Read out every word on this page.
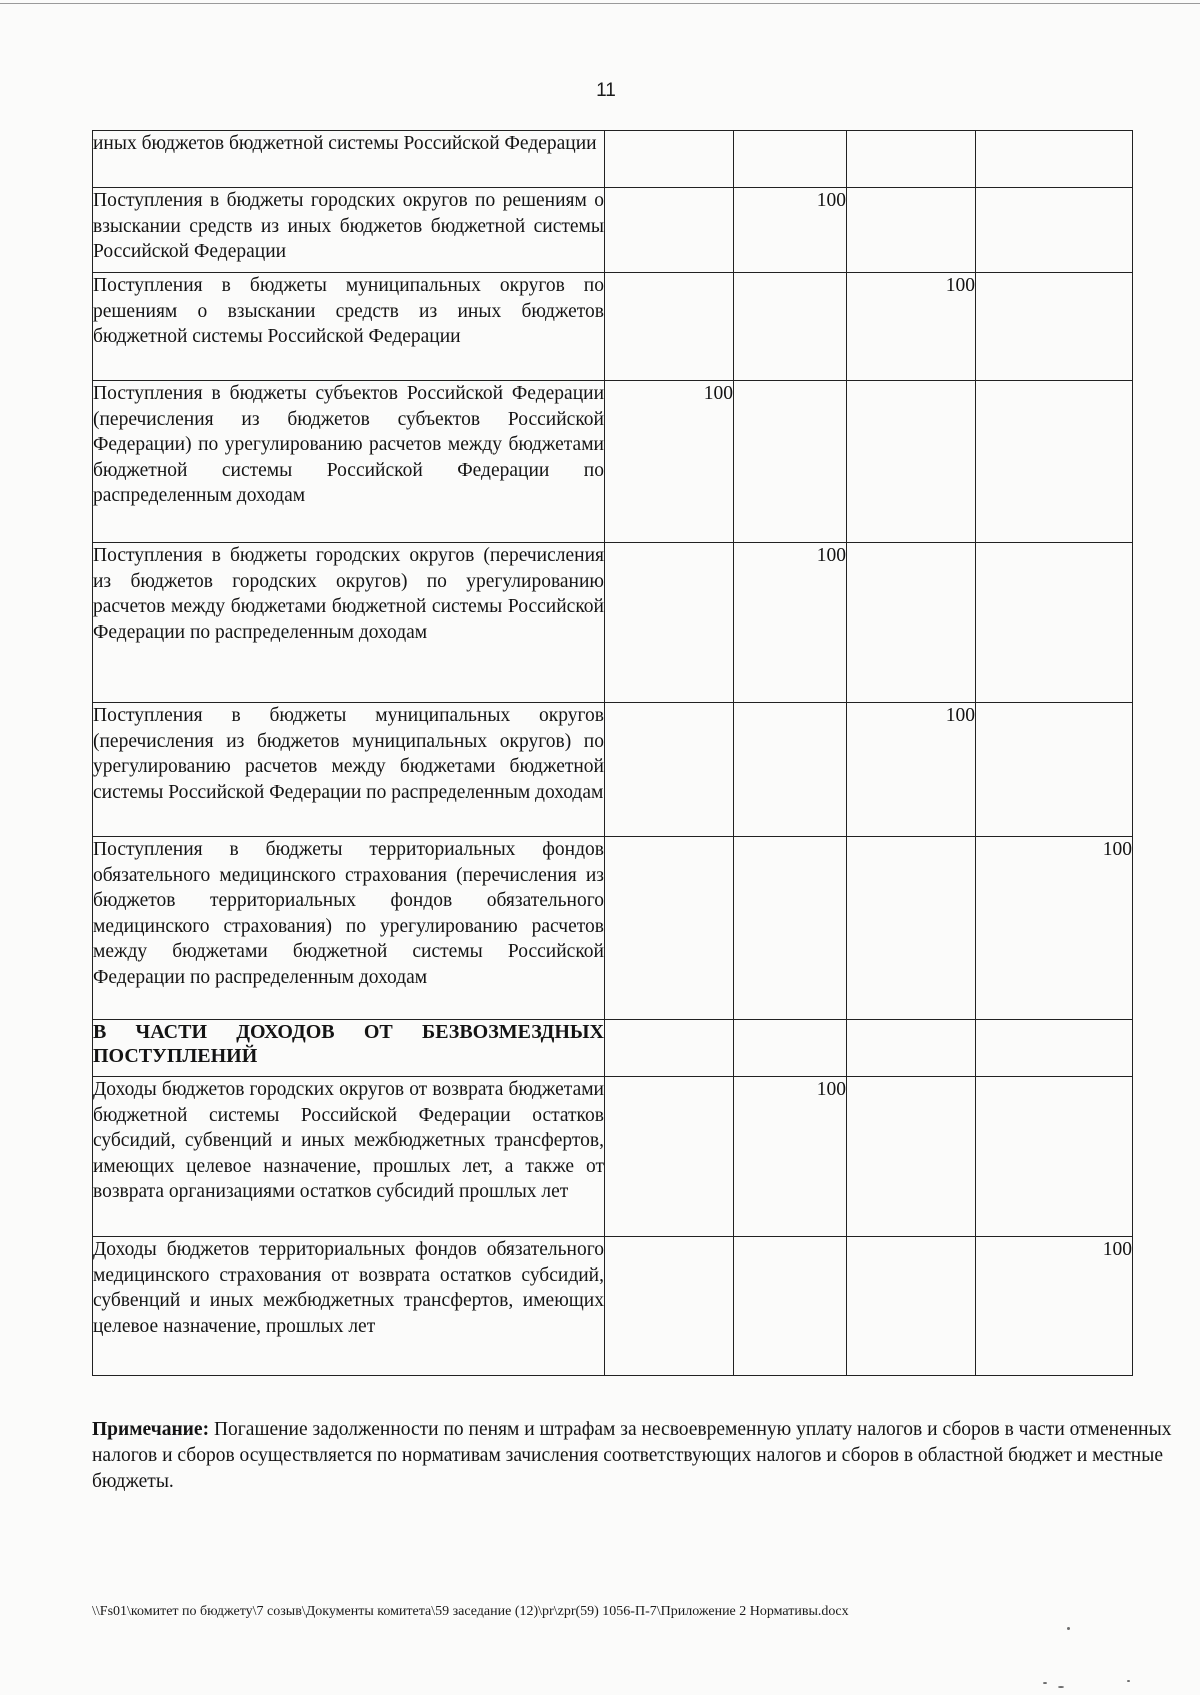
11
иных бюджетов бюджетной системы Российской Федерации				
Поступления в бюджеты городских округов по решениям о взыскании средств из иных бюджетов бюджетной системы Российской Федерации		100		
Поступления в бюджеты муниципальных округов по решениям о взыскании средств из иных бюджетов бюджетной системы Российской Федерации			100	
Поступления в бюджеты субъектов Российской Федерации (перечисления из бюджетов субъектов Российской Федерации) по урегулированию расчетов между бюджетами бюджетной системы Российской Федерации по распределенным доходам	100			
Поступления в бюджеты городских округов (перечисления из бюджетов городских округов) по урегулированию расчетов между бюджетами бюджетной системы Российской Федерации по распределенным доходам		100		
Поступления в бюджеты муниципальных округов (перечисления из бюджетов муниципальных округов) по урегулированию расчетов между бюджетами бюджетной системы Российской Федерации по распределенным доходам			100	
Поступления в бюджеты территориальных фондов обязательного медицинского страхования (перечисления из бюджетов территориальных фондов обязательного медицинского страхования) по урегулированию расчетов между бюджетами бюджетной системы Российской Федерации по распределенным доходам				100
В ЧАСТИ ДОХОДОВ ОТ БЕЗВОЗМЕЗДНЫХ ПОСТУПЛЕНИЙ				
Доходы бюджетов городских округов от возврата бюджетами бюджетной системы Российской Федерации остатков субсидий, субвенций и иных межбюджетных трансфертов, имеющих целевое назначение, прошлых лет, а также от возврата организациями остатков субсидий прошлых лет		100		
Доходы бюджетов территориальных фондов обязательного медицинского страхования от возврата остатков субсидий, субвенций и иных межбюджетных трансфертов, имеющих целевое назначение, прошлых лет				100
Примечание: Погашение задолженности по пеням и штрафам за несвоевременную уплату налогов и сборов в части отмененных налогов и сборов осуществляется по нормативам зачисления соответствующих налогов и сборов в областной бюджет и местные бюджеты.
\\Fs01\комитет по бюджету\7 созыв\Документы комитета\59 заседание (12)\pr\zpr(59) 1056-П-7\Приложение 2 Нормативы.docx
